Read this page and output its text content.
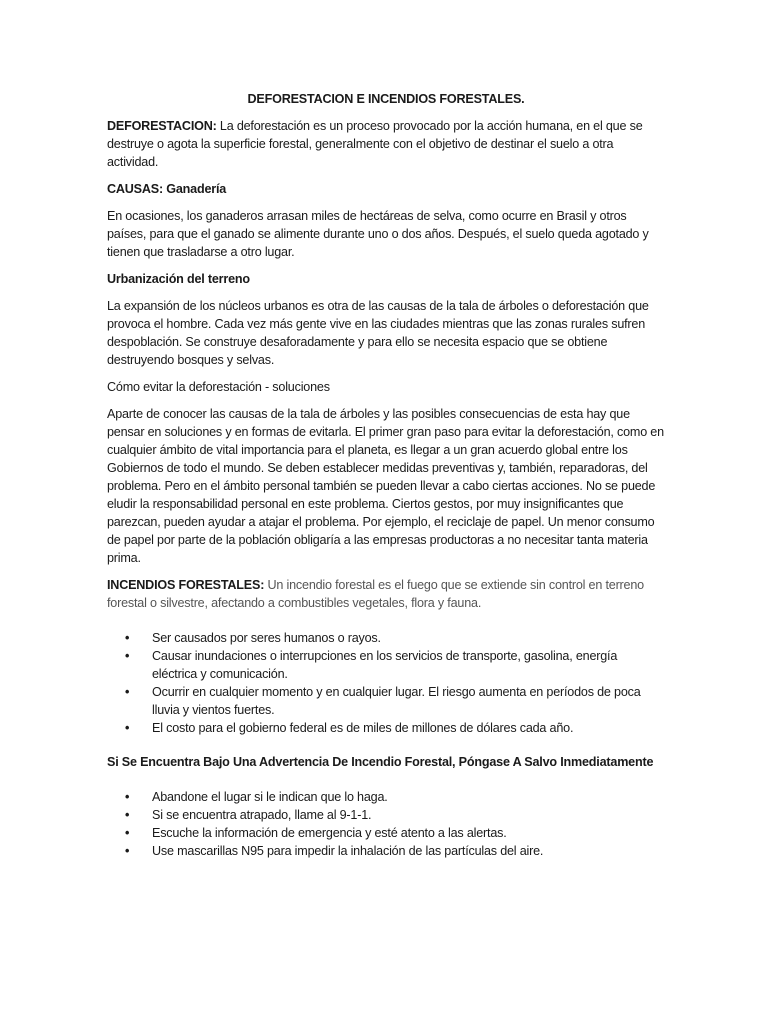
DEFORESTACION E INCENDIOS FORESTALES.

DEFORESTACION: La deforestación es un proceso provocado por la acción humana, en el que se destruye o agota la superficie forestal, generalmente con el objetivo de destinar el suelo a otra actividad.

CAUSAS: Ganadería

En ocasiones, los ganaderos arrasan miles de hectáreas de selva, como ocurre en Brasil y otros países, para que el ganado se alimente durante uno o dos años. Después, el suelo queda agotado y tienen que trasladarse a otro lugar.

Urbanización del terreno

La expansión de los núcleos urbanos es otra de las causas de la tala de árboles o deforestación que provoca el hombre. Cada vez más gente vive en las ciudades mientras que las zonas rurales sufren despoblación. Se construye desaforadamente y para ello se necesita espacio que se obtiene destruyendo bosques y selvas.

Cómo evitar la deforestación - soluciones

Aparte de conocer las causas de la tala de árboles y las posibles consecuencias de esta hay que pensar en soluciones y en formas de evitarla. El primer gran paso para evitar la deforestación, como en cualquier ámbito de vital importancia para el planeta, es llegar a un gran acuerdo global entre los Gobiernos de todo el mundo. Se deben establecer medidas preventivas y, también, reparadoras, del problema. Pero en el ámbito personal también se pueden llevar a cabo ciertas acciones. No se puede eludir la responsabilidad personal en este problema. Ciertos gestos, por muy insignificantes que parezcan, pueden ayudar a atajar el problema. Por ejemplo, el reciclaje de papel. Un menor consumo de papel por parte de la población obligaría a las empresas productoras a no necesitar tanta materia prima.

INCENDIOS FORESTALES: Un incendio forestal es el fuego que se extiende sin control en terreno forestal o silvestre, afectando a combustibles vegetales, flora y fauna.

• Ser causados por seres humanos o rayos.
• Causar inundaciones o interrupciones en los servicios de transporte, gasolina, energía eléctrica y comunicación.
• Ocurrir en cualquier momento y en cualquier lugar. El riesgo aumenta en períodos de poca lluvia y vientos fuertes.
• El costo para el gobierno federal es de miles de millones de dólares cada año.

Si Se Encuentra Bajo Una Advertencia De Incendio Forestal, Póngase A Salvo Inmediatamente

• Abandone el lugar si le indican que lo haga.
• Si se encuentra atrapado, llame al 9-1-1.
• Escuche la información de emergencia y esté atento a las alertas.
• Use mascarillas N95 para impedir la inhalación de las partículas del aire.
